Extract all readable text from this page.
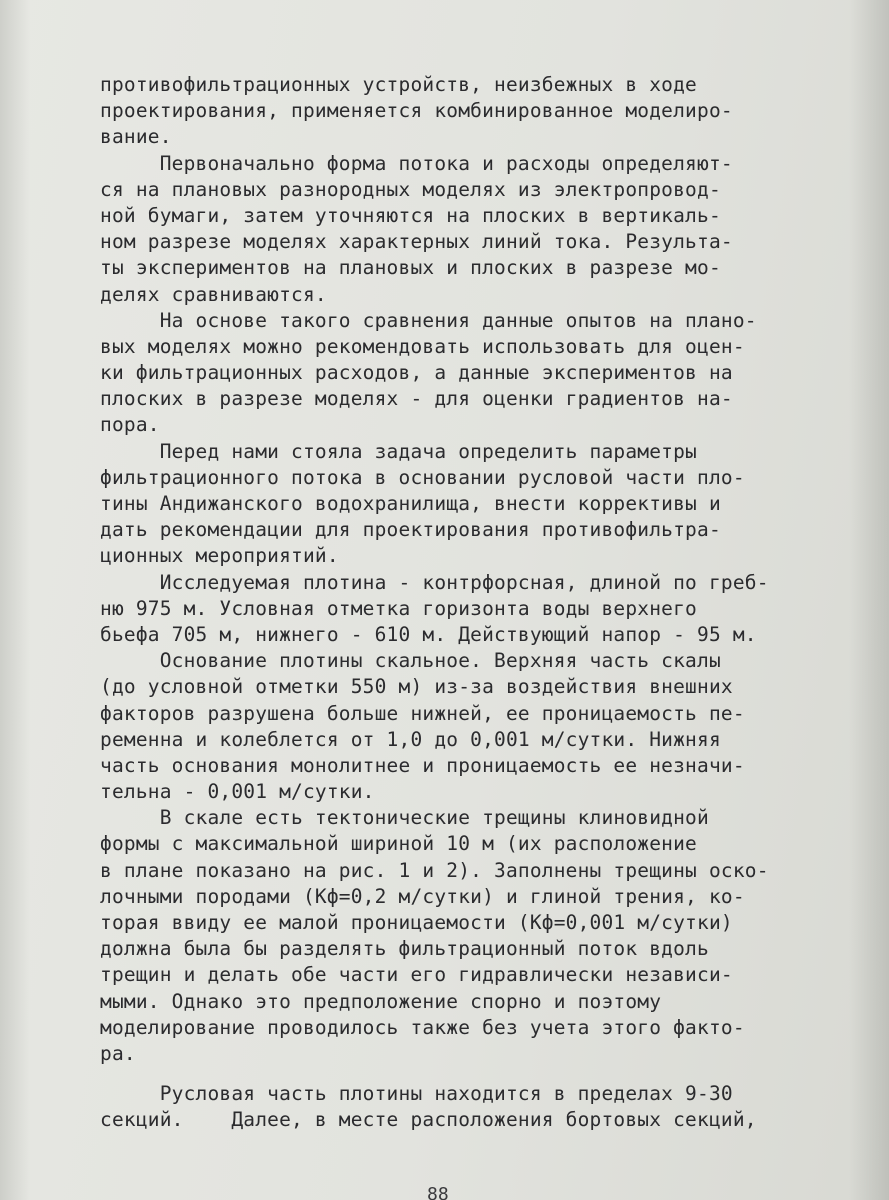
противофильтрационных устройств, неизбежных в ходе
проектирования, применяется комбинированное моделиро-
вание.
Первоначально форма потока и расходы определяют-
ся на плановых разнородных моделях из электропровод-
ной бумаги, затем уточняются на плоских в вертикаль-
ном разрезе моделях характерных линий тока. Результа-
ты экспериментов на плановых и плоских в разрезе мо-
делях сравниваются.
На основе такого сравнения данные опытов на плано-
вых моделях можно рекомендовать использовать для оцен-
ки фильтрационных расходов, а данные экспериментов на
плоских в разрезе моделях - для оценки градиентов на-
пора.
Перед нами стояла задача определить параметры
фильтрационного потока в основании русловой части пло-
тины Андижанского водохранилища, внести коррективы и
дать рекомендации для проектирования противофильтра-
ционных мероприятий.
Исследуемая плотина - контрфорсная, длиной по греб-
ню 975 м. Условная отметка горизонта воды верхнего
бьефа 705 м, нижнего - 610 м. Действующий напор - 95 м.
Основание плотины скальное. Верхняя часть скалы
(до условной отметки 550 м) из-за воздействия внешних
факторов разрушена больше нижней, ее проницаемость пе-
ременна и колеблется от 1,0 до 0,001 м/сутки. Нижняя
часть основания монолитнее и проницаемость ее незначи-
тельна - 0,001 м/сутки.
В скале есть тектонические трещины клиновидной
формы с максимальной шириной 10 м (их расположение
в плане показано на рис. 1 и 2). Заполнены трещины оско-
лочными породами (Кф=0,2 м/сутки) и глиной трения, ко-
торая ввиду ее малой проницаемости (Кф=0,001 м/сутки)
должна была бы разделять фильтрационный поток вдоль
трещин и делать обе части его гидравлически независи-
мыми. Однако это предположение спорно и поэтому
моделирование проводилось также без учета этого факто-
ра.
Русловая часть плотины находится в пределах 9-30
секций.    Далее, в месте расположения бортовых секций,
88
